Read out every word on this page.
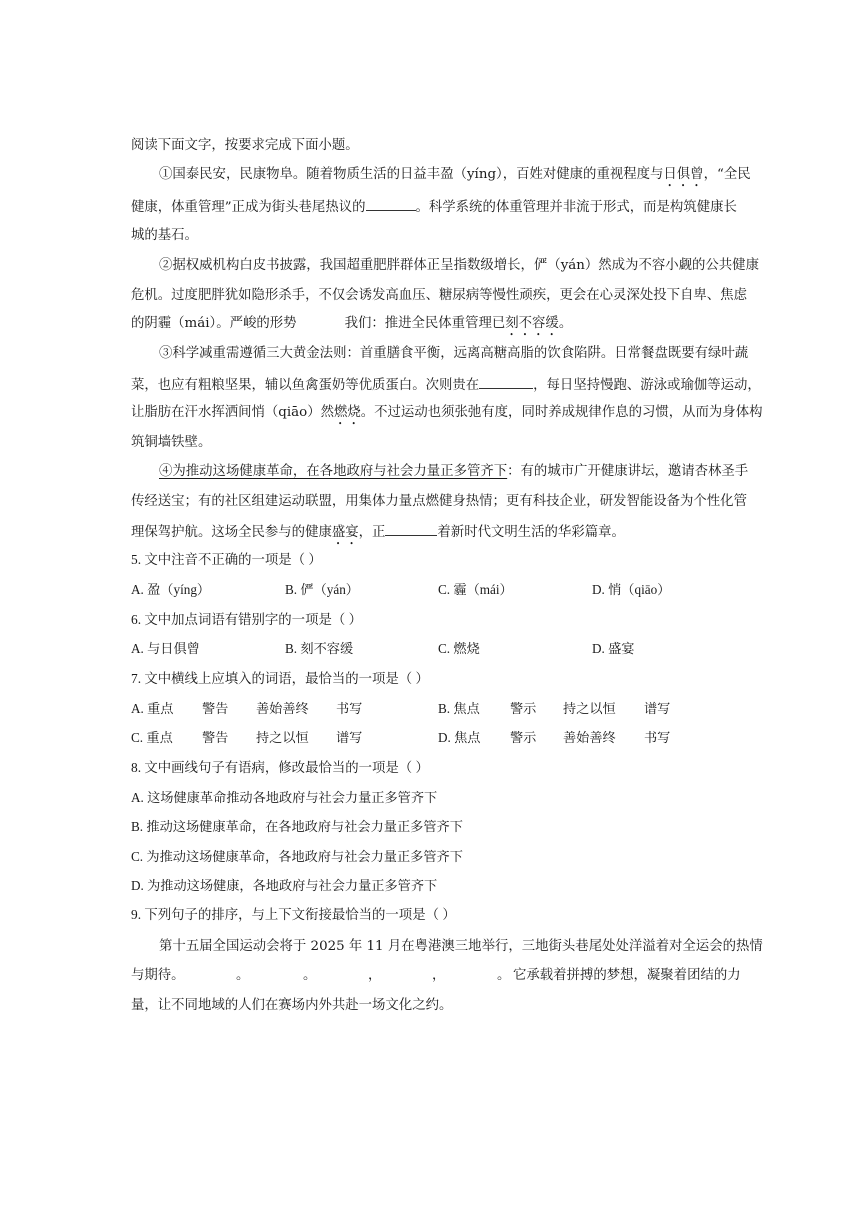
阅读下面文字，按要求完成下面小题。
①国泰民安，民康物阜。随着物质生活的日益丰盈（yíng），百姓对健康的重视程度与日俱曾，“全民
健康，体重管理”正成为街头巷尾热议的	。科学系统的体重管理并非流于形式，而是构筑健康长
城的基石。
②据权威机构白皮书披露，我国超重肥胖群体正呈指数级增长，俨（yán）然成为不容小觑的公共健康
危机。过度肥胖犹如隐形杀手，不仅会诱发高血压、糖尿病等慢性顽疾，更会在心灵深处投下自卑、焦虑
的阴霾（mái）。严峻的形势	我们：推进全民体重管理已刻不容缓。
③科学减重需遵循三大黄金法则：首重膳食平衡，远离高糖高脂的饮食陷阱。日常餐盘既要有绿叶蔬
菜，也应有粗粮坚果，辅以鱼禽蛋奶等优质蛋白。次则贵在	，每日坚持慢跑、游泳或瑜伽等运动，
让脂肪在汗水挥洒间悄（qiāo）然燃烧。不过运动也须张弛有度，同时养成规律作息的习惯，从而为身体构
筑铜墙铁壁。
④为推动这场健康革命，在各地政府与社会力量正多管齐下：有的城市广开健康讲坛，邀请杏林圣手
传经送宝；有的社区组建运动联盟，用集体力量点燃健身热情；更有科技企业，研发智能设备为个性化管
理保驾护航。这场全民参与的健康盛宴，正	着新时代文明生活的华彩篇章。
5. 文中注音不正确的一项是（ ）
A. 盈（yíng）	B. 俨（yán）	C. 霾（mái）	D. 悄（qiāo）
6. 文中加点词语有错别字的一项是（ ）
A. 与日俱曾	B. 刻不容缓	C. 燃烧	D. 盛宴
7. 文中横线上应填入的词语，最恰当的一项是（ ）
A. 重点 警告 善始善终 书写	B. 焦点 警示 持之以恒 谱写
C. 重点 警告 持之以恒 谱写	D. 焦点 警示 善始善终 书写
8. 文中画线句子有语病，修改最恰当的一项是（ ）
A. 这场健康革命推动各地政府与社会力量正多管齐下
B. 推动这场健康革命，在各地政府与社会力量正多管齐下
C. 为推动这场健康革命，各地政府与社会力量正多管齐下
D. 为推动这场健康，各地政府与社会力量正多管齐下
9. 下列句子的排序，与上下文衔接最恰当的一项是（ ）
第十五届全国运动会将于 2025 年 11 月在粤港澳三地举行，三地街头巷尾处处洋溢着对全运会的热情
与期待。	。	。	，	，	。 它承载着拼搏的梦想，凝聚着团结的力
量，让不同地域的人们在赛场内外共赴一场文化之约。
